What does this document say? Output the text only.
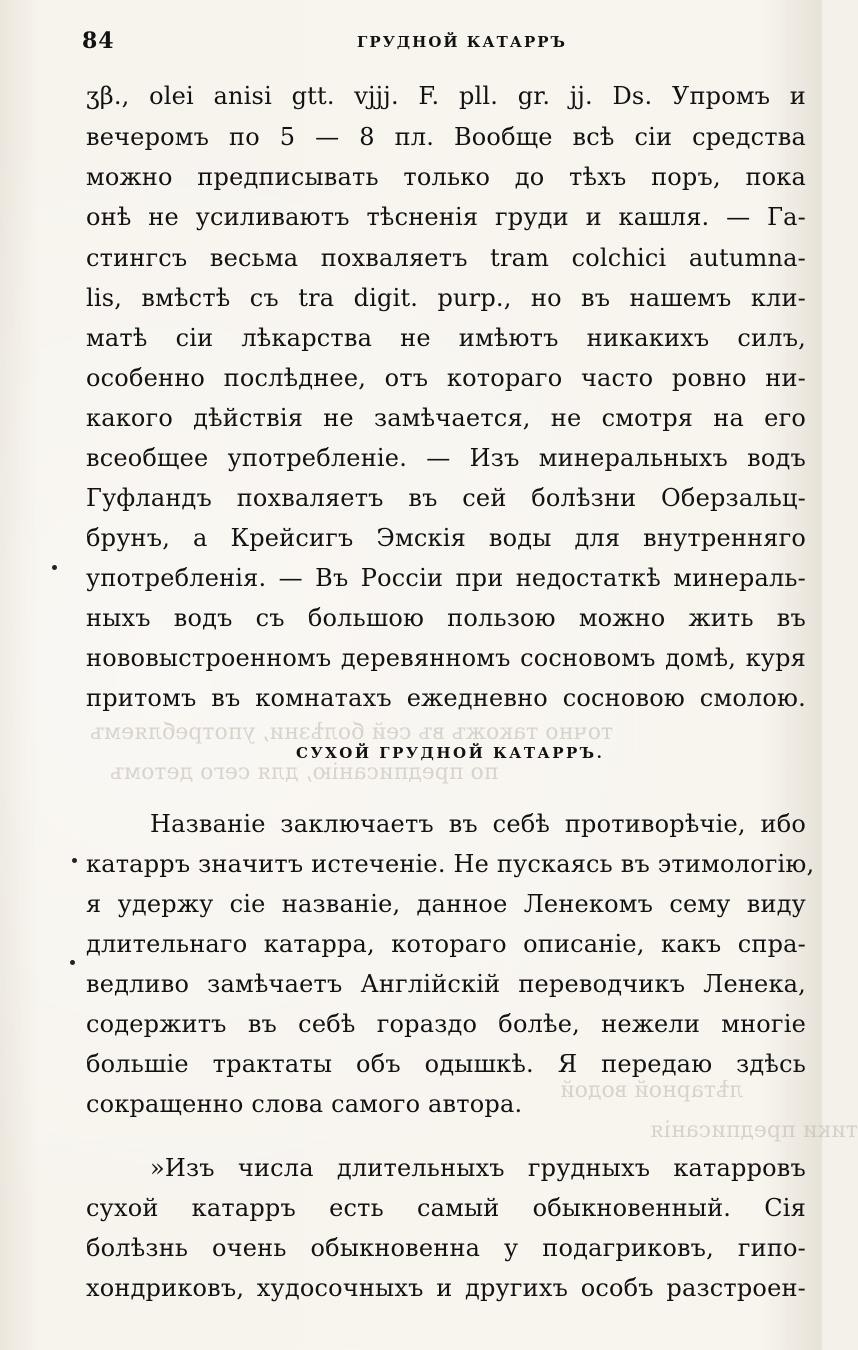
точно такожъ въ сей болѣзни, употребляемъ
по предписанію, для сего детомъ
лѣтарной водой
тики предписанія
84	ГРУДНОЙ КАТАРРЪ
ʒβ., olei anisi gtt. vjjj. F. pll. gr. jj. Ds. Упромъ и
вечеромъ по 5 — 8 пл. Вообще всѣ сіи средства
можно предписывать только до тѣхъ поръ, пока
онѣ не усиливаютъ тѣсненія груди и кашля. — Га-
стингсъ весьма похваляетъ tram colchici autumna-
lis, вмѣстѣ съ tra digit. purp., но въ нашемъ кли-
матѣ сіи лѣкарства не имѣютъ никакихъ силъ,
особенно послѣднее, отъ котораго часто ровно ни-
какого дѣйствія не замѣчается, не смотря на его
всеобщее употребленіе. — Изъ минеральныхъ водъ
Гуфландъ похваляетъ въ сей болѣзни Оберзальц-
брунъ, а Крейсигъ Эмскія воды для внутренняго
употребленія. — Въ Россіи при недостаткѣ минераль-
ныхъ водъ съ большою пользою можно жить въ
нововыстроенномъ деревянномъ сосновомъ домѣ, куря
притомъ въ комнатахъ ежедневно сосновою смолою.
СУХОЙ ГРУДНОЙ КАТАРРЪ.
Названіе заключаетъ въ себѣ противорѣчіе, ибо
катарръ значитъ истеченіе. Не пускаясь въ этимологію,
я удержу сіе названіе, данное Ленекомъ сему виду
длительнаго катарра, котораго описаніе, какъ спра-
ведливо замѣчаетъ Англійскій переводчикъ Ленека,
содержитъ въ себѣ гораздо болѣе, нежели многіе
большіе трактаты объ одышкѣ. Я передаю здѣсь
сокращенно слова самого автора.
»Изъ числа длительныхъ грудныхъ катарровъ
сухой катарръ есть самый обыкновенный. Сія
болѣзнь очень обыкновенна у подагриковъ, гипо-
хондриковъ, худосочныхъ и другихъ особъ разстроен-
